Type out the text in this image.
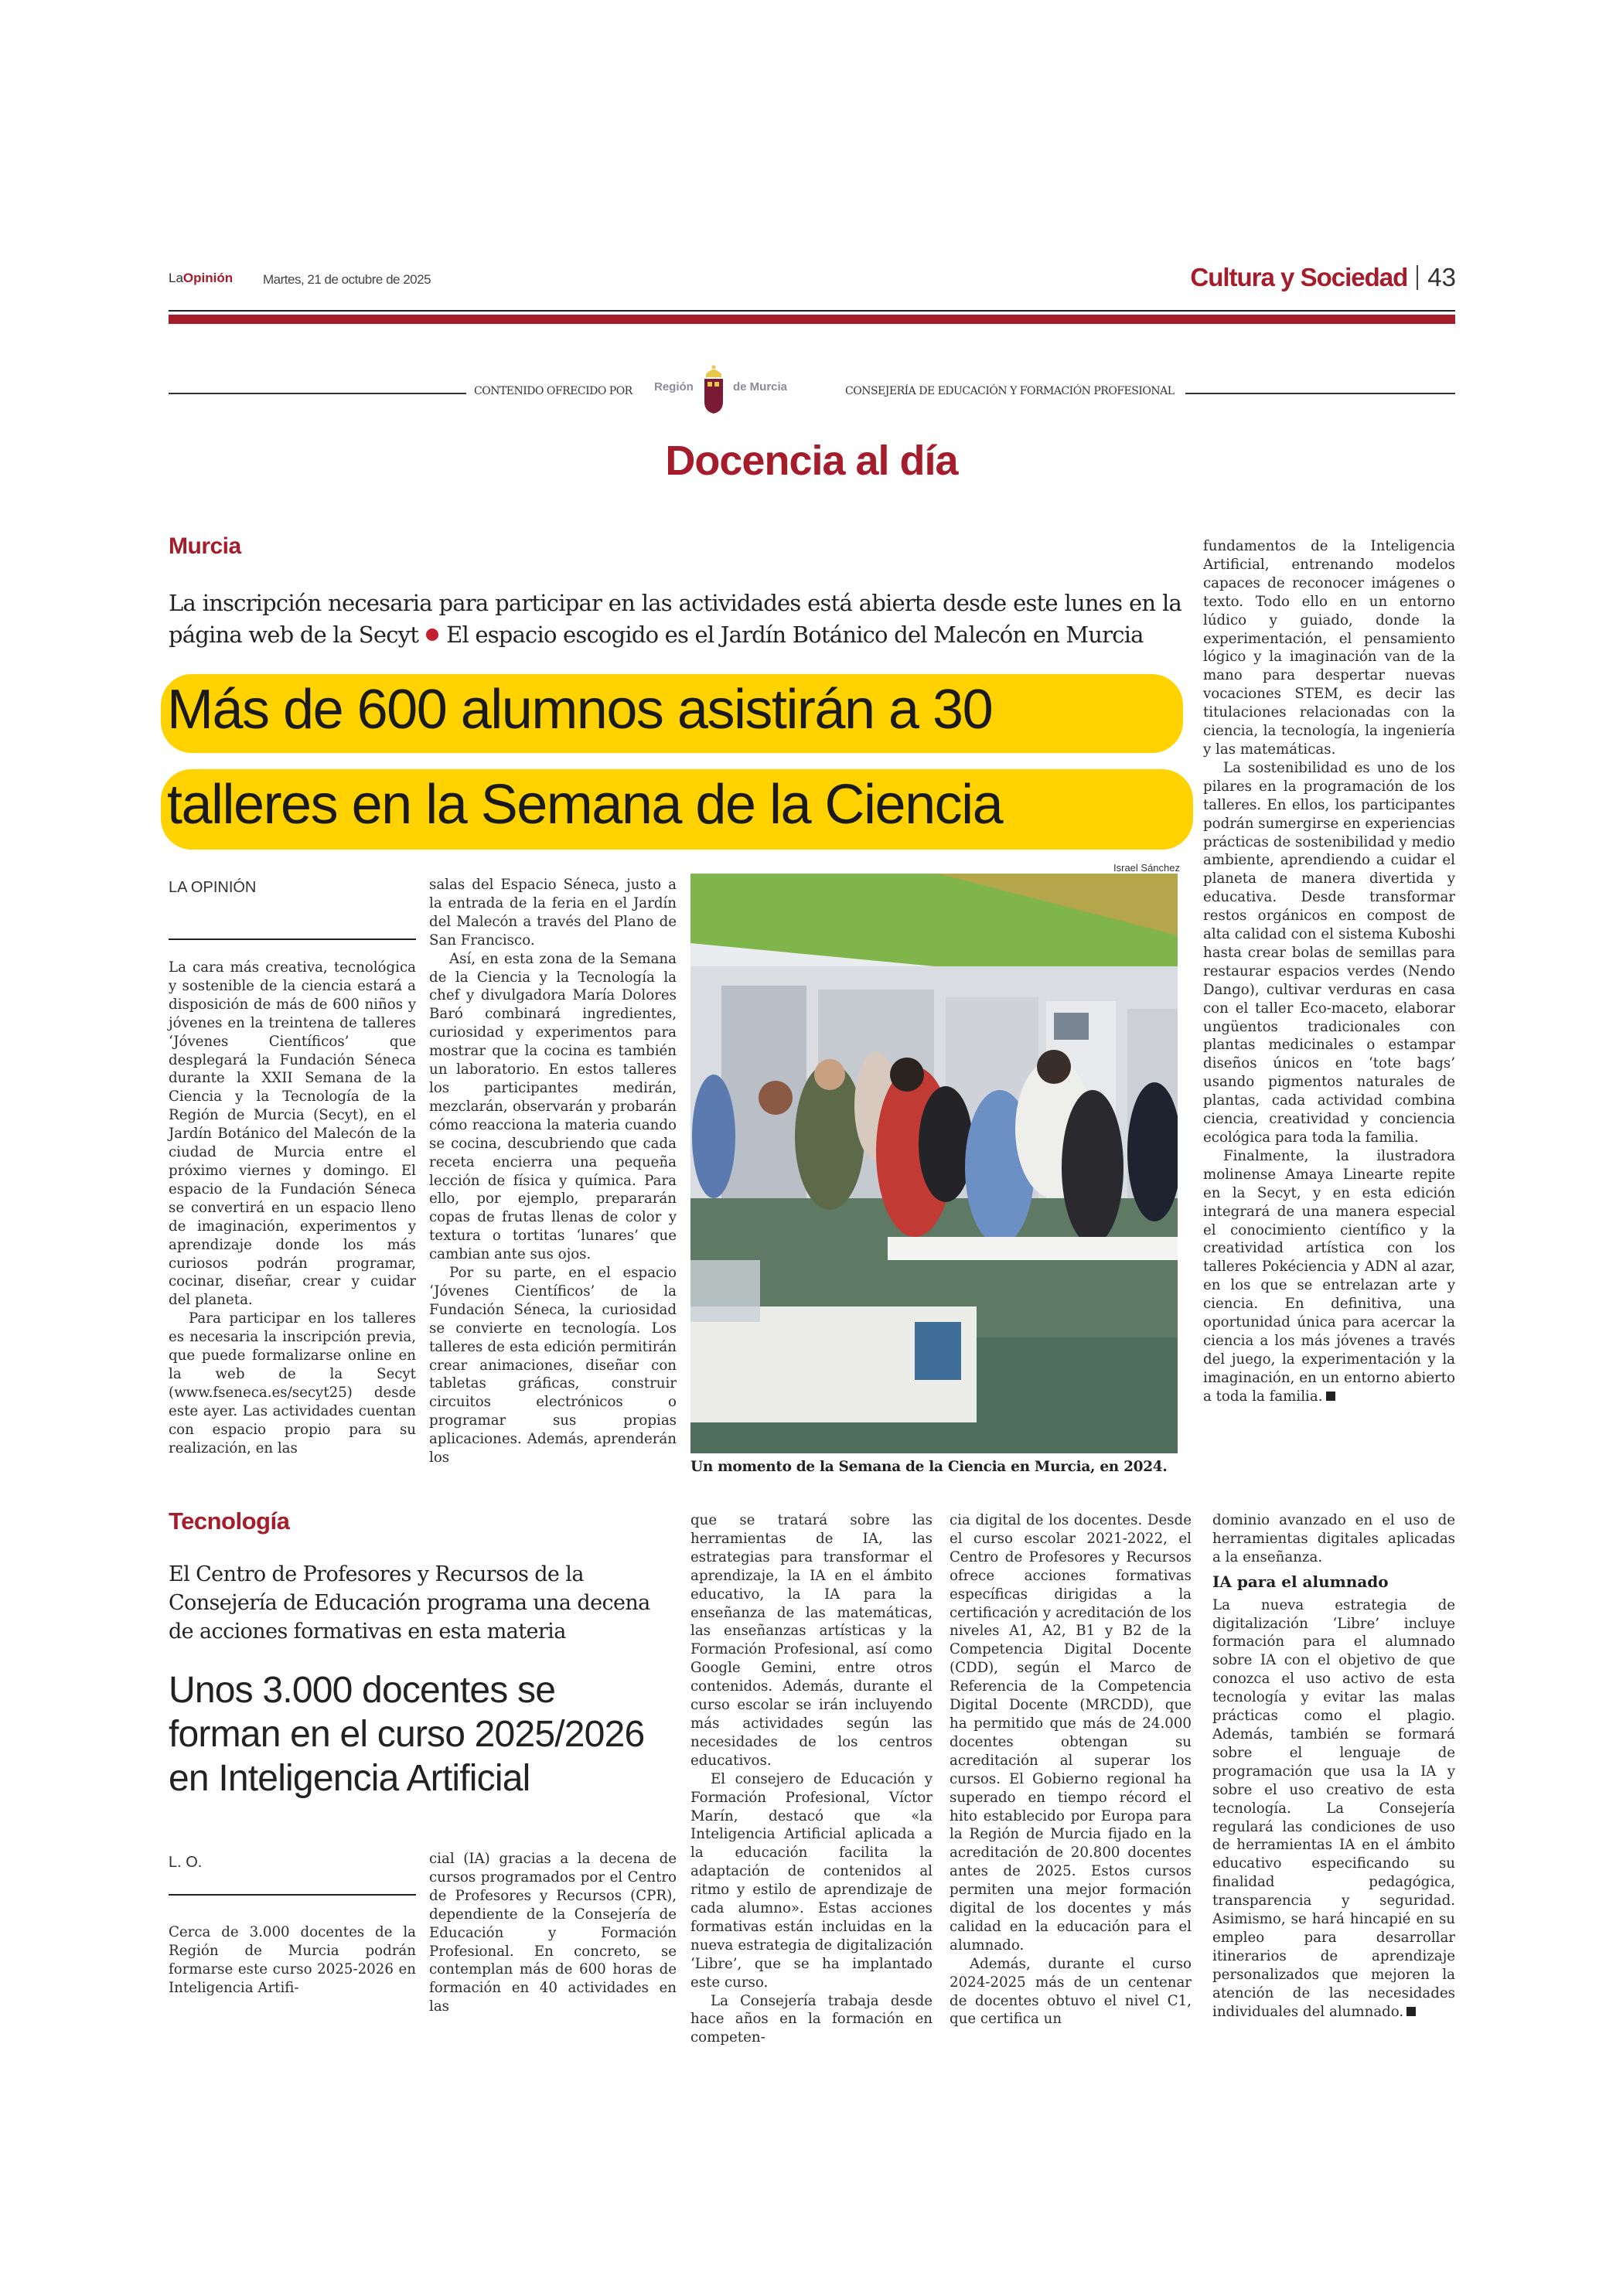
LaOpinión Martes, 21 de octubre de 2025	Cultura y Sociedad 43
CONTENIDO OFRECIDO POR Región	de Murcia	CONSEJERÍA DE EDUCACIÓN Y FORMACIÓN PROFESIONAL
Docencia al día
Murcia
La inscripción necesaria para participar en las actividades está abierta desde este lunes en la página web de la Secyt El espacio escogido es el Jardín Botánico del Malecón en Murcia
Más de 600 alumnos asistirán a 30
talleres en la Semana de la Ciencia
LA OPINIÓN

La cara más creativa, tecnológica y sostenible de la ciencia estará a disposición de más de 600 niños y jóvenes en la treintena de talleres ‘Jóvenes Científicos’ que desplegará la Fundación Séneca durante la XXII Semana de la Ciencia y la Tecnología de la Región de Murcia (Secyt), en el Jardín Botánico del Malecón de la ciudad de Murcia entre el próximo viernes y domingo. El espacio de la Fundación Séneca se convertirá en un espacio lleno de imaginación, experimentos y aprendizaje donde los más curiosos podrán programar, cocinar, diseñar, crear y cuidar del planeta.

Para participar en los talleres es necesaria la inscripción previa, que puede formalizarse online en la web de la Secyt (www.fseneca.es/secyt25) desde este ayer. Las actividades cuentan con espacio propio para su realización, en las

salas del Espacio Séneca, justo a la entrada de la feria en el Jardín del Malecón a través del Plano de San Francisco.

Así, en esta zona de la Semana de la Ciencia y la Tecnología la chef y divulgadora María Dolores Baró combinará ingredientes, curiosidad y experimentos para mostrar que la cocina es también un laboratorio. En estos talleres los participantes medirán, mezclarán, observarán y probarán cómo reacciona la materia cuando se cocina, descubriendo que cada receta encierra una pequeña lección de física y química. Para ello, por ejemplo, prepararán copas de frutas llenas de color y textura o tortitas ‘lunares’ que cambian ante sus ojos.

Por su parte, en el espacio ‘Jóvenes Científicos’ de la Fundación Séneca, la curiosidad se convierte en tecnología. Los talleres de esta edición permitirán crear animaciones, diseñar con tabletas gráficas, construir circuitos electrónicos o programar sus propias aplicaciones. Además, aprenderán los

Israel Sánchez
Un momento de la Semana de la Ciencia en Murcia, en 2024.

fundamentos de la Inteligencia Artificial, entrenando modelos capaces de reconocer imágenes o texto. Todo ello en un entorno lúdico y guiado, donde la experimentación, el pensamiento lógico y la imaginación van de la mano para despertar nuevas vocaciones STEM, es decir las titulaciones relacionadas con la ciencia, la tecnología, la ingeniería y las matemáticas.

La sostenibilidad es uno de los pilares en la programación de los talleres. En ellos, los participantes podrán sumergirse en experiencias prácticas de sostenibilidad y medio ambiente, aprendiendo a cuidar el planeta de manera divertida y educativa. Desde transformar restos orgánicos en compost de alta calidad con el sistema Kuboshi hasta crear bolas de semillas para restaurar espacios verdes (Nendo Dango), cultivar verduras en casa con el taller Eco-maceto, elaborar ungüentos tradicionales con plantas medicinales o estampar diseños únicos en ‘tote bags’ usando pigmentos naturales de plantas, cada actividad combina ciencia, creatividad y conciencia ecológica para toda la familia.

Finalmente, la ilustradora molinense Amaya Linearte repite en la Secyt, y en esta edición integrará de una manera especial el conocimiento científico y la creatividad artística con los talleres Pokéciencia y ADN al azar, en los que se entrelazan arte y ciencia. En definitiva, una oportunidad única para acercar la ciencia a los más jóvenes a través del juego, la experimentación y la imaginación, en un entorno abierto a toda la familia.

Tecnología
El Centro de Profesores y Recursos de la Consejería de Educación programa una decena de acciones formativas en esta materia
Unos 3.000 docentes se forman en el curso 2025/2026 en Inteligencia Artificial
L. O.

Cerca de 3.000 docentes de la Región de Murcia podrán formarse este curso 2025-2026 en Inteligencia Artifi-

cial (IA) gracias a la decena de cursos programados por el Centro de Profesores y Recursos (CPR), dependiente de la Consejería de Educación y Formación Profesional. En concreto, se contemplan más de 600 horas de formación en 40 actividades en las

que se tratará sobre las herramientas de IA, las estrategias para transformar el aprendizaje, la IA en el ámbito educativo, la IA para la enseñanza de las matemáticas, las enseñanzas artísticas y la Formación Profesional, así como Google Gemini, entre otros contenidos. Además, durante el curso escolar se irán incluyendo más actividades según las necesidades de los centros educativos.

El consejero de Educación y Formación Profesional, Víctor Marín, destacó que «la Inteligencia Artificial aplicada a la educación facilita la adaptación de contenidos al ritmo y estilo de aprendizaje de cada alumno». Estas acciones formativas están incluidas en la nueva estrategia de digitalización ‘Libre’, que se ha implantado este curso.

La Consejería trabaja desde hace años en la formación en competen-

cia digital de los docentes. Desde el curso escolar 2021-2022, el Centro de Profesores y Recursos ofrece acciones formativas específicas dirigidas a la certificación y acreditación de los niveles A1, A2, B1 y B2 de la Competencia Digital Docente (CDD), según el Marco de Referencia de la Competencia Digital Docente (MRCDD), que ha permitido que más de 24.000 docentes obtengan su acreditación al superar los cursos. El Gobierno regional ha superado en tiempo récord el hito establecido por Europa para la Región de Murcia fijado en la acreditación de 20.800 docentes antes de 2025. Estos cursos permiten una mejor formación digital de los docentes y más calidad en la educación para el alumnado.

Además, durante el curso 2024-2025 más de un centenar de docentes obtuvo el nivel C1, que certifica un

dominio avanzado en el uso de herramientas digitales aplicadas a la enseñanza.

IA para el alumnado

La nueva estrategia de digitalización ‘Libre’ incluye formación para el alumnado sobre IA con el objetivo de que conozca el uso activo de esta tecnología y evitar las malas prácticas como el plagio. Además, también se formará sobre el lenguaje de programación que usa la IA y sobre el uso creativo de esta tecnología. La Consejería regulará las condiciones de uso de herramientas IA en el ámbito educativo especificando su finalidad pedagógica, transparencia y seguridad. Asimismo, se hará hincapié en su empleo para desarrollar itinerarios de aprendizaje personalizados que mejoren la atención de las necesidades individuales del alumnado.
